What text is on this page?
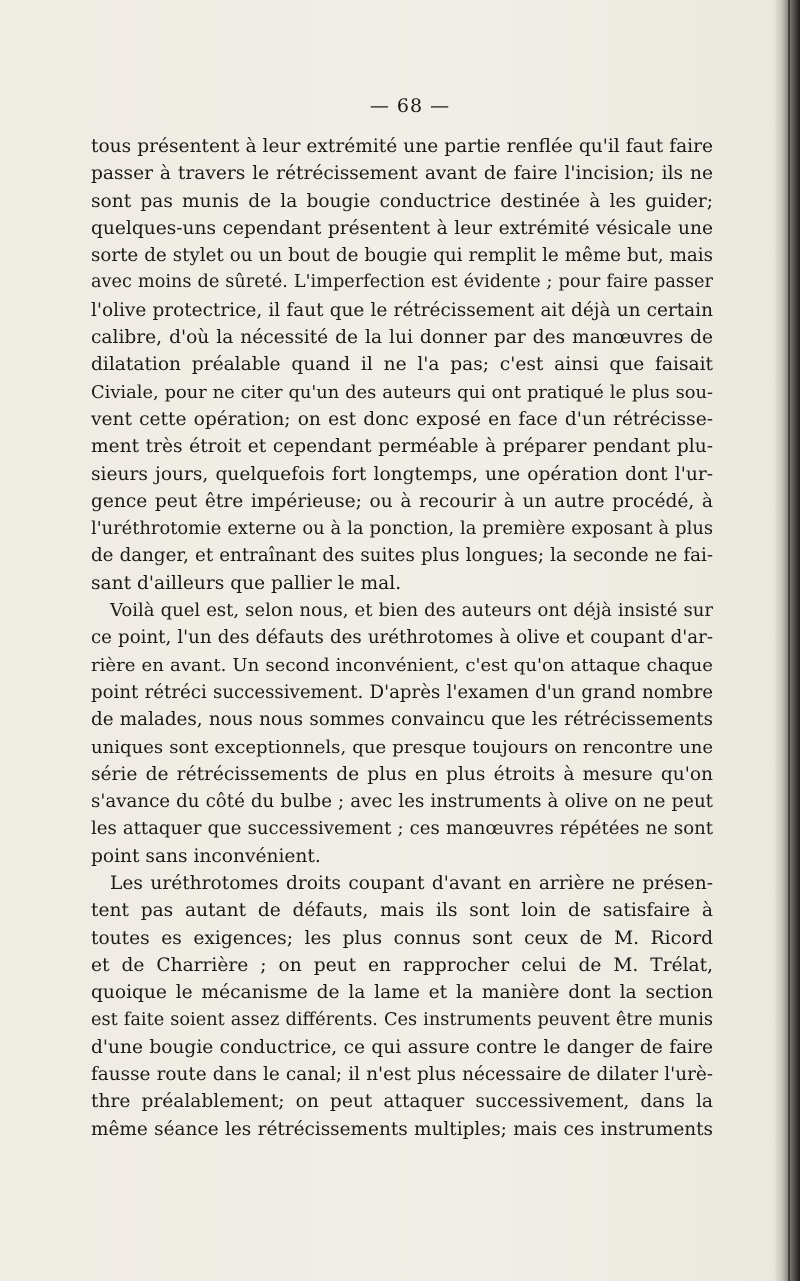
— 68 —
tous présentent à leur extrémité une partie renflée qu'il faut faire
passer à travers le rétrécissement avant de faire l'incision; ils ne
sont pas munis de la bougie conductrice destinée à les guider;
quelques-uns cependant présentent à leur extrémité vésicale une
sorte de stylet ou un bout de bougie qui remplit le même but, mais
avec moins de sûreté. L'imperfection est évidente ; pour faire passer
l'olive protectrice, il faut que le rétrécissement ait déjà un certain
calibre, d'où la nécessité de la lui donner par des manœuvres de
dilatation préalable quand il ne l'a pas; c'est ainsi que faisait
Civiale, pour ne citer qu'un des auteurs qui ont pratiqué le plus sou-
vent cette opération; on est donc exposé en face d'un rétrécisse-
ment très étroit et cependant perméable à préparer pendant plu-
sieurs jours, quelquefois fort longtemps, une opération dont l'ur-
gence peut être impérieuse; ou à recourir à un autre procédé, à
l'uréthrotomie externe ou à la ponction, la première exposant à plus
de danger, et entraînant des suites plus longues; la seconde ne fai-
sant d'ailleurs que pallier le mal.
Voilà quel est, selon nous, et bien des auteurs ont déjà insisté sur
ce point, l'un des défauts des uréthrotomes à olive et coupant d'ar-
rière en avant. Un second inconvénient, c'est qu'on attaque chaque
point rétréci successivement. D'après l'examen d'un grand nombre
de malades, nous nous sommes convaincu que les rétrécissements
uniques sont exceptionnels, que presque toujours on rencontre une
série de rétrécissements de plus en plus étroits à mesure qu'on
s'avance du côté du bulbe ; avec les instruments à olive on ne peut
les attaquer que successivement ; ces manœuvres répétées ne sont
point sans inconvénient.
Les uréthrotomes droits coupant d'avant en arrière ne présen-
tent pas autant de défauts, mais ils sont loin de satisfaire à
toutes es exigences; les plus connus sont ceux de M. Ricord
et de Charrière ; on peut en rapprocher celui de M. Trélat,
quoique le mécanisme de la lame et la manière dont la section
est faite soient assez différents. Ces instruments peuvent être munis
d'une bougie conductrice, ce qui assure contre le danger de faire
fausse route dans le canal; il n'est plus nécessaire de dilater l'urè-
thre préalablement; on peut attaquer successivement, dans la
même séance les rétrécissements multiples; mais ces instruments
